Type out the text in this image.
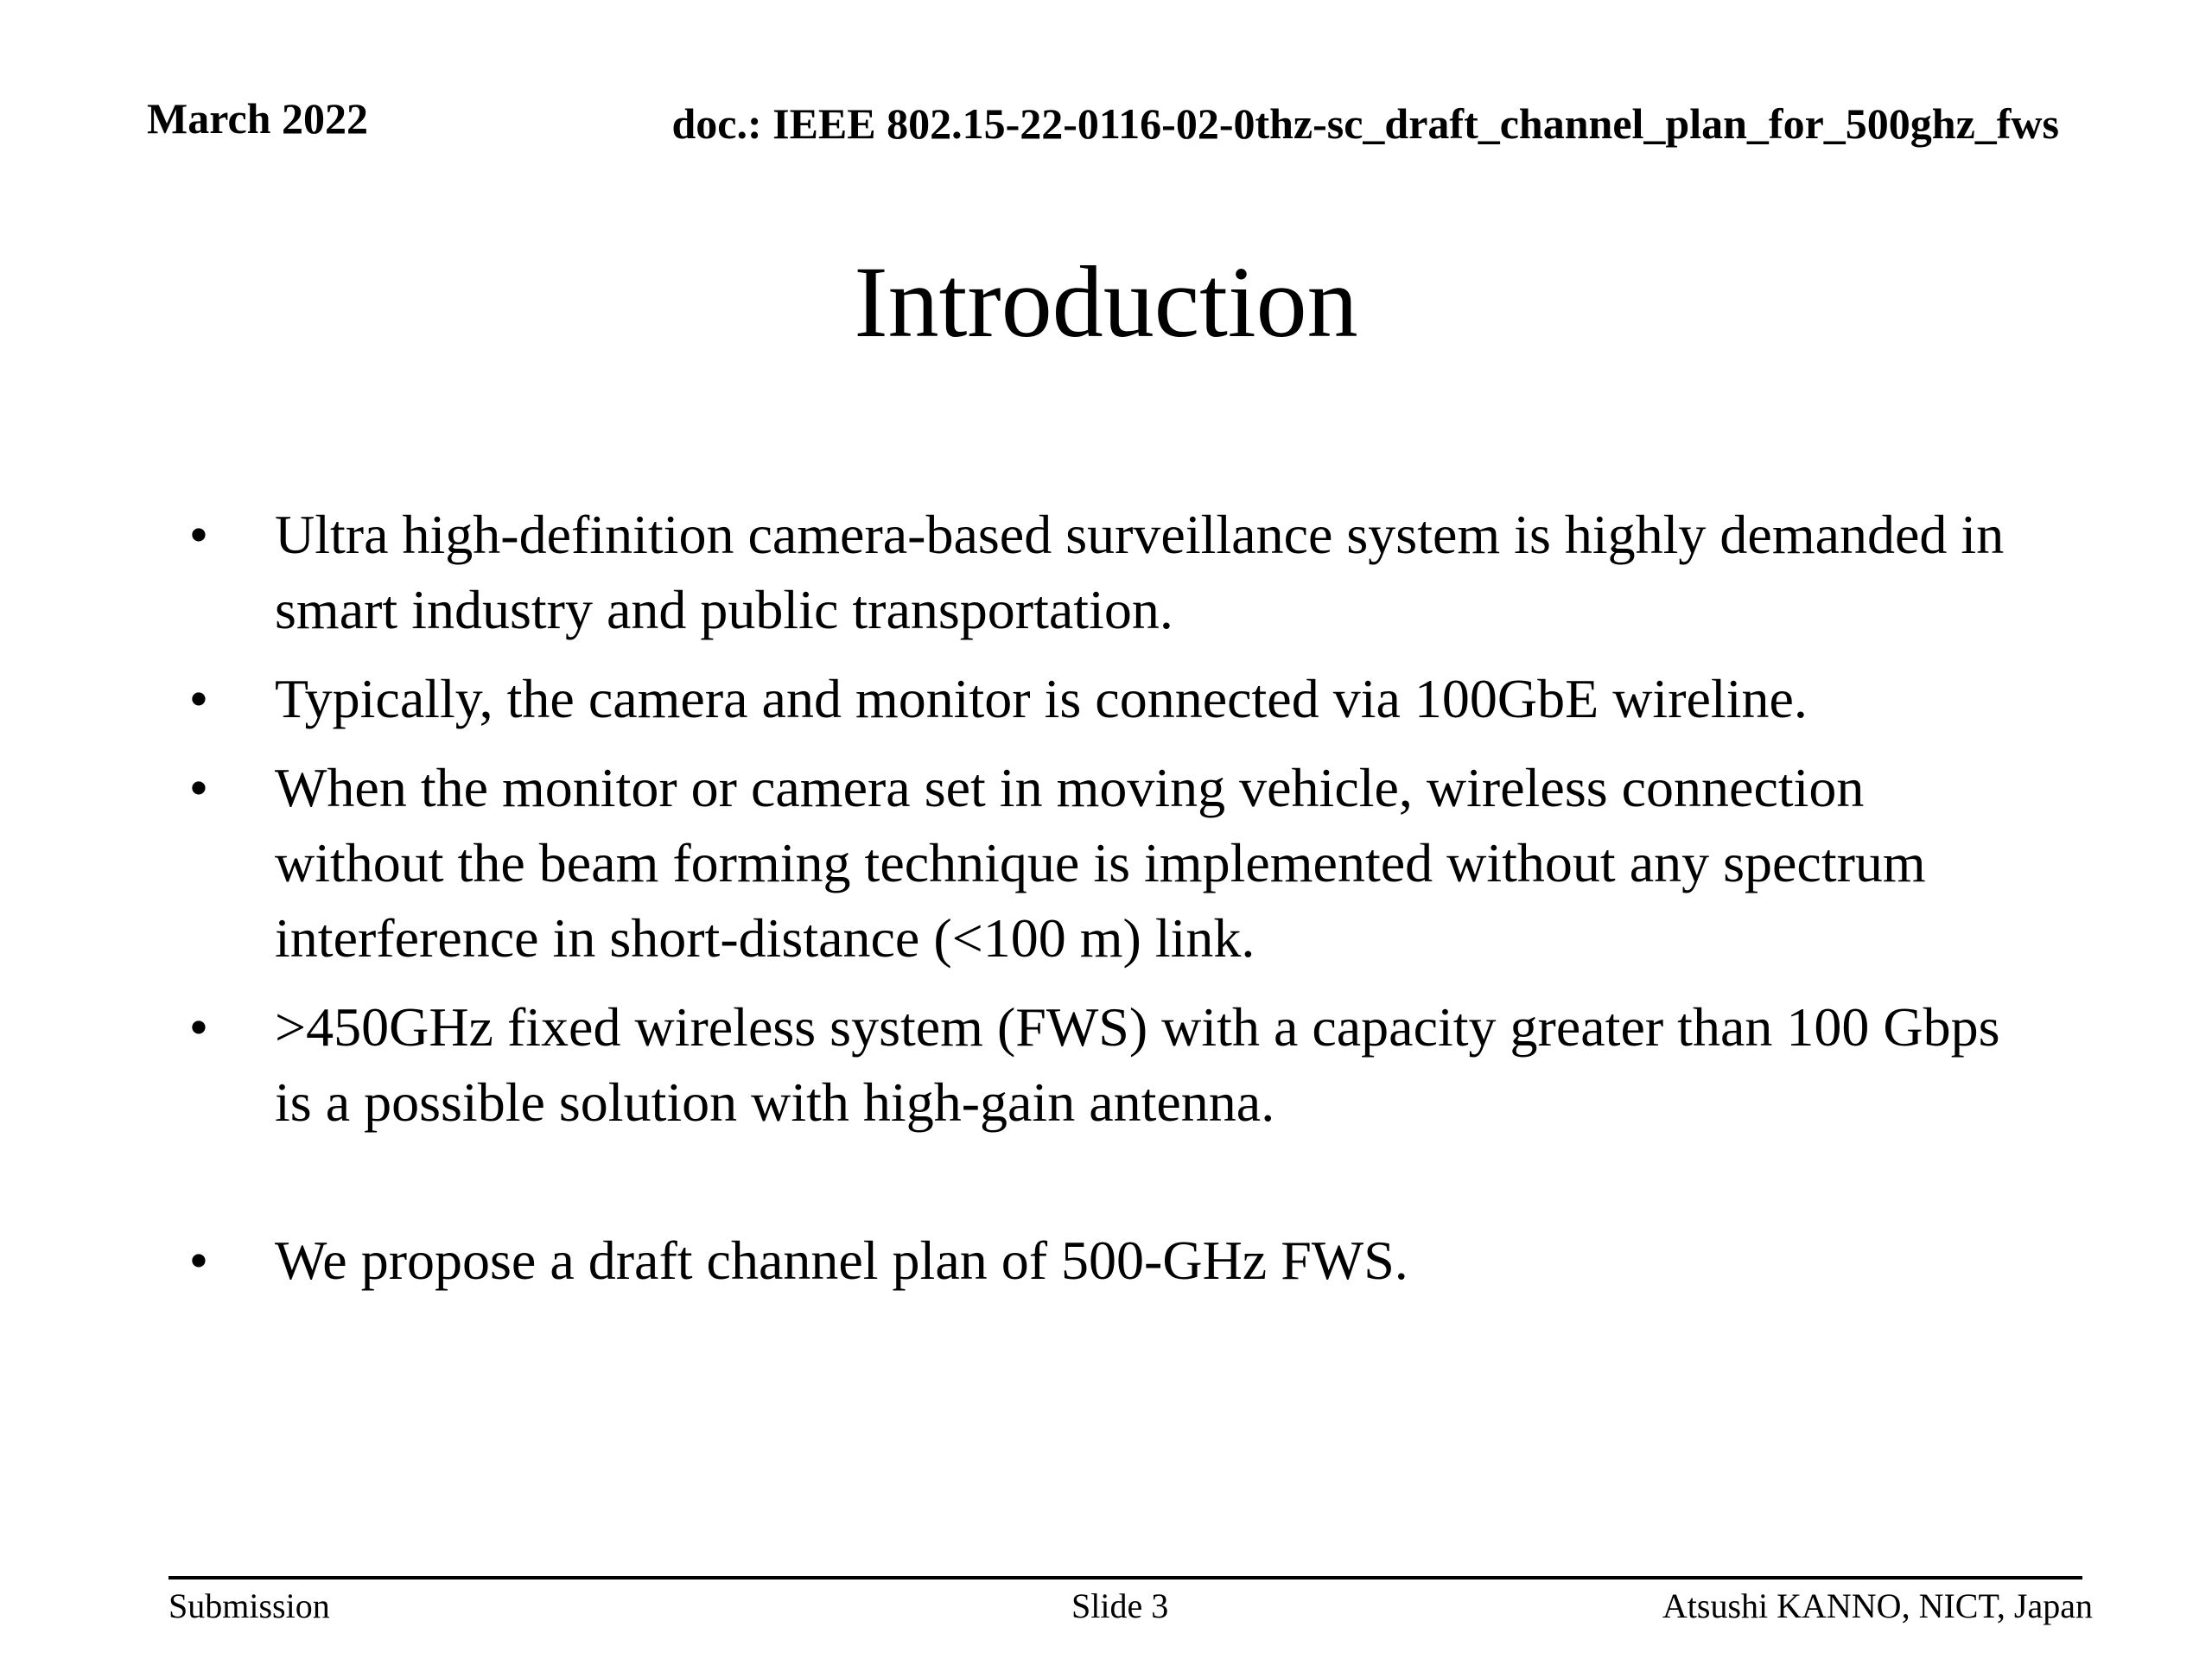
March 2022	doc.: IEEE 802.15-22-0116-02-0thz-sc_draft_channel_plan_for_500ghz_fws
Introduction
• Ultra high-definition camera-based surveillance system is highly demanded in smart industry and public transportation.
• Typically, the camera and monitor is connected via 100GbE wireline.
• When the monitor or camera set in moving vehicle, wireless connection without the beam forming technique is implemented without any spectrum interference in short-distance (<100 m) link.
• >450GHz fixed wireless system (FWS) with a capacity greater than 100 Gbps is a possible solution with high-gain antenna.
• We propose a draft channel plan of 500-GHz FWS.
Submission	Slide 3	Atsushi KANNO, NICT, Japan
